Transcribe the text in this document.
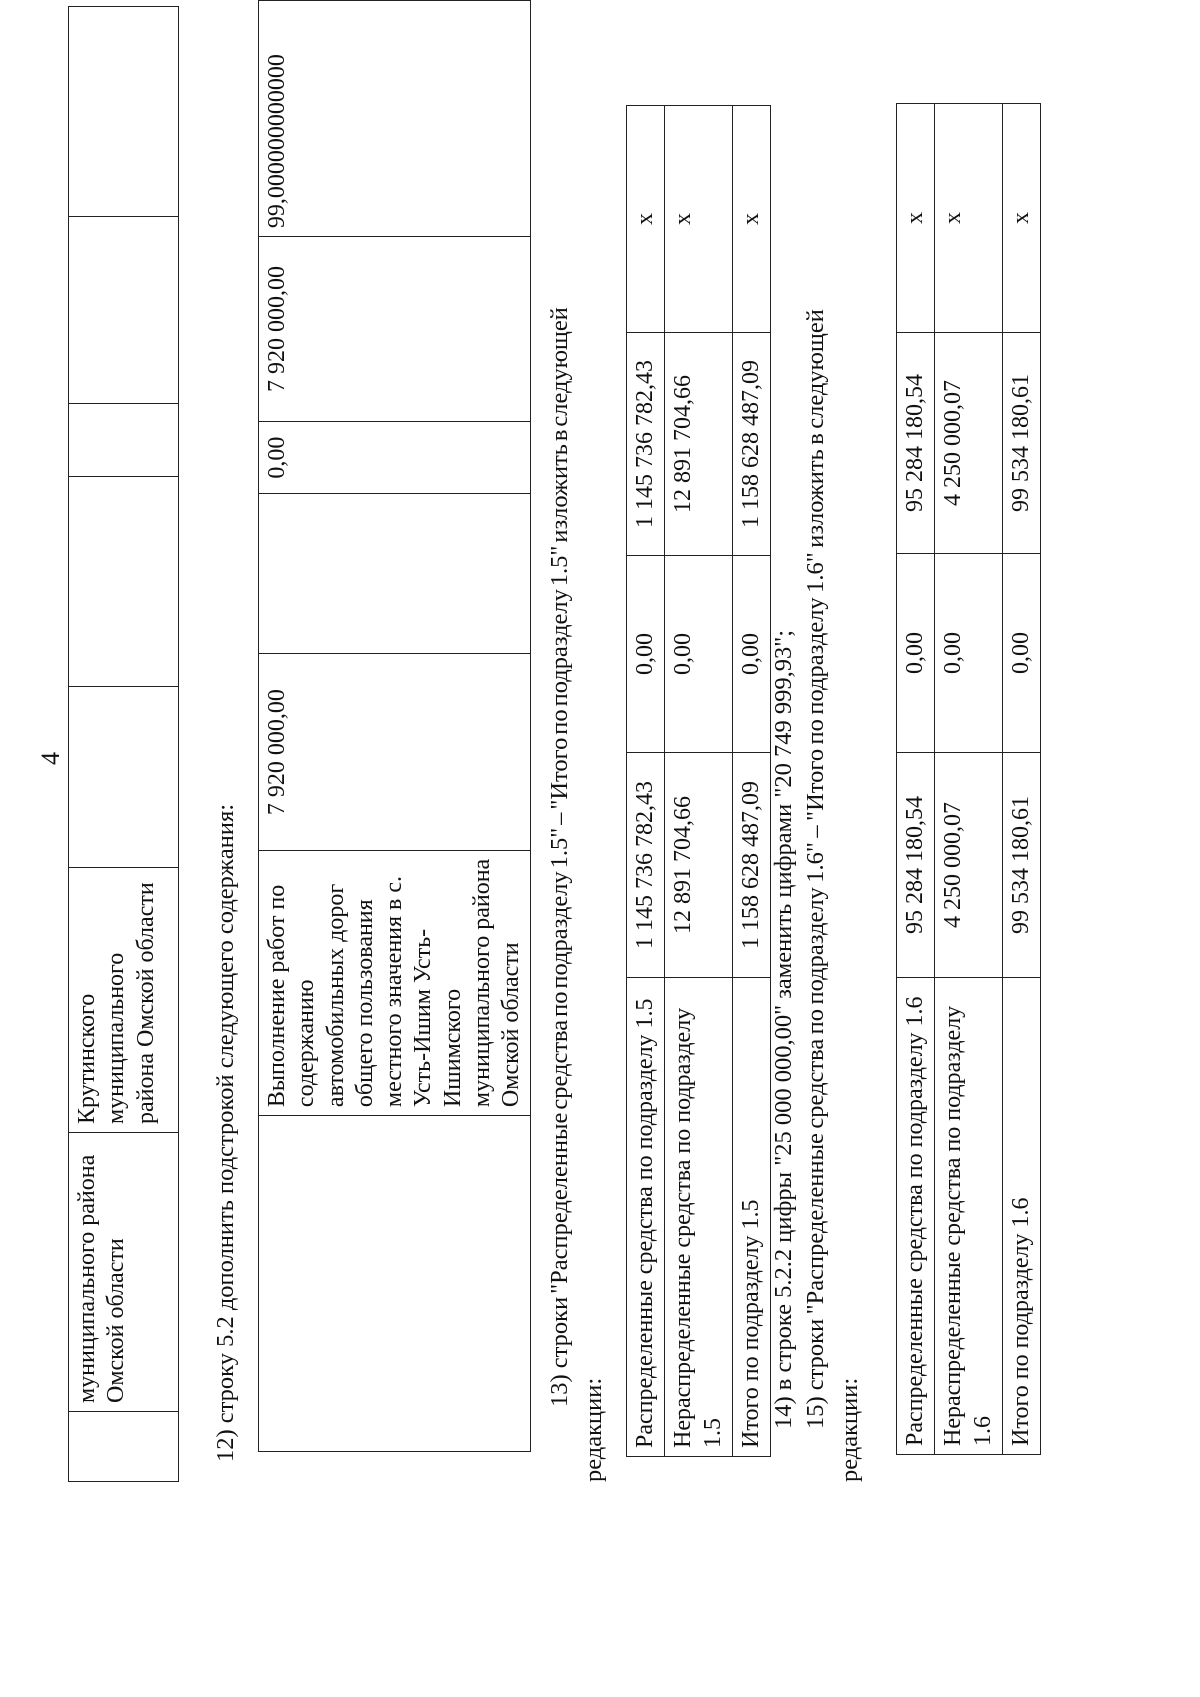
4
	муниципального района Омской области	Крутинского муниципального района Омской области					12) строку 5.2 дополнить подстрокой следующего содержания:
	Выполнение работ по содержанию автомобильных дорог общего пользования местного значения в с. Усть-Ишим Усть-Ишимского муниципального района Омской области	7 920 000,00		0,00	7 920 000,00	99,000000000000
13) строки
"Распределенные
средства
по
подразделу
1.5"
–
"Итого
по
подразделу
1.5"
изложить
в
следующей
редакции: Распределенные средства по подразделу 1.5	1 145 736 782,43	0,00	1 145 736 782,43	х
Нераспределенные средства по подразделу 1.5	12 891 704,66	0,00	12 891 704,66	х
Итого по подразделу 1.5	1 158 628 487,09	0,00	1 158 628 487,09	х
14) в строке 5.2.2 цифры "25 000 000,00" заменить цифрами "20 749 999,93"; 15) строки
"Распределенные
средства
по
подразделу
1.6"
–
"Итого
по
подразделу
1.6"
изложить
в
следующей
редакции: Распределенные средства по подразделу 1.6	95 284 180,54	0,00	95 284 180,54	х
Нераспределенные средства по подразделу 1.6	4 250 000,07	0,00	4 250 000,07	х
Итого по подразделу 1.6	99 534 180,61	0,00	99 534 180,61	х
